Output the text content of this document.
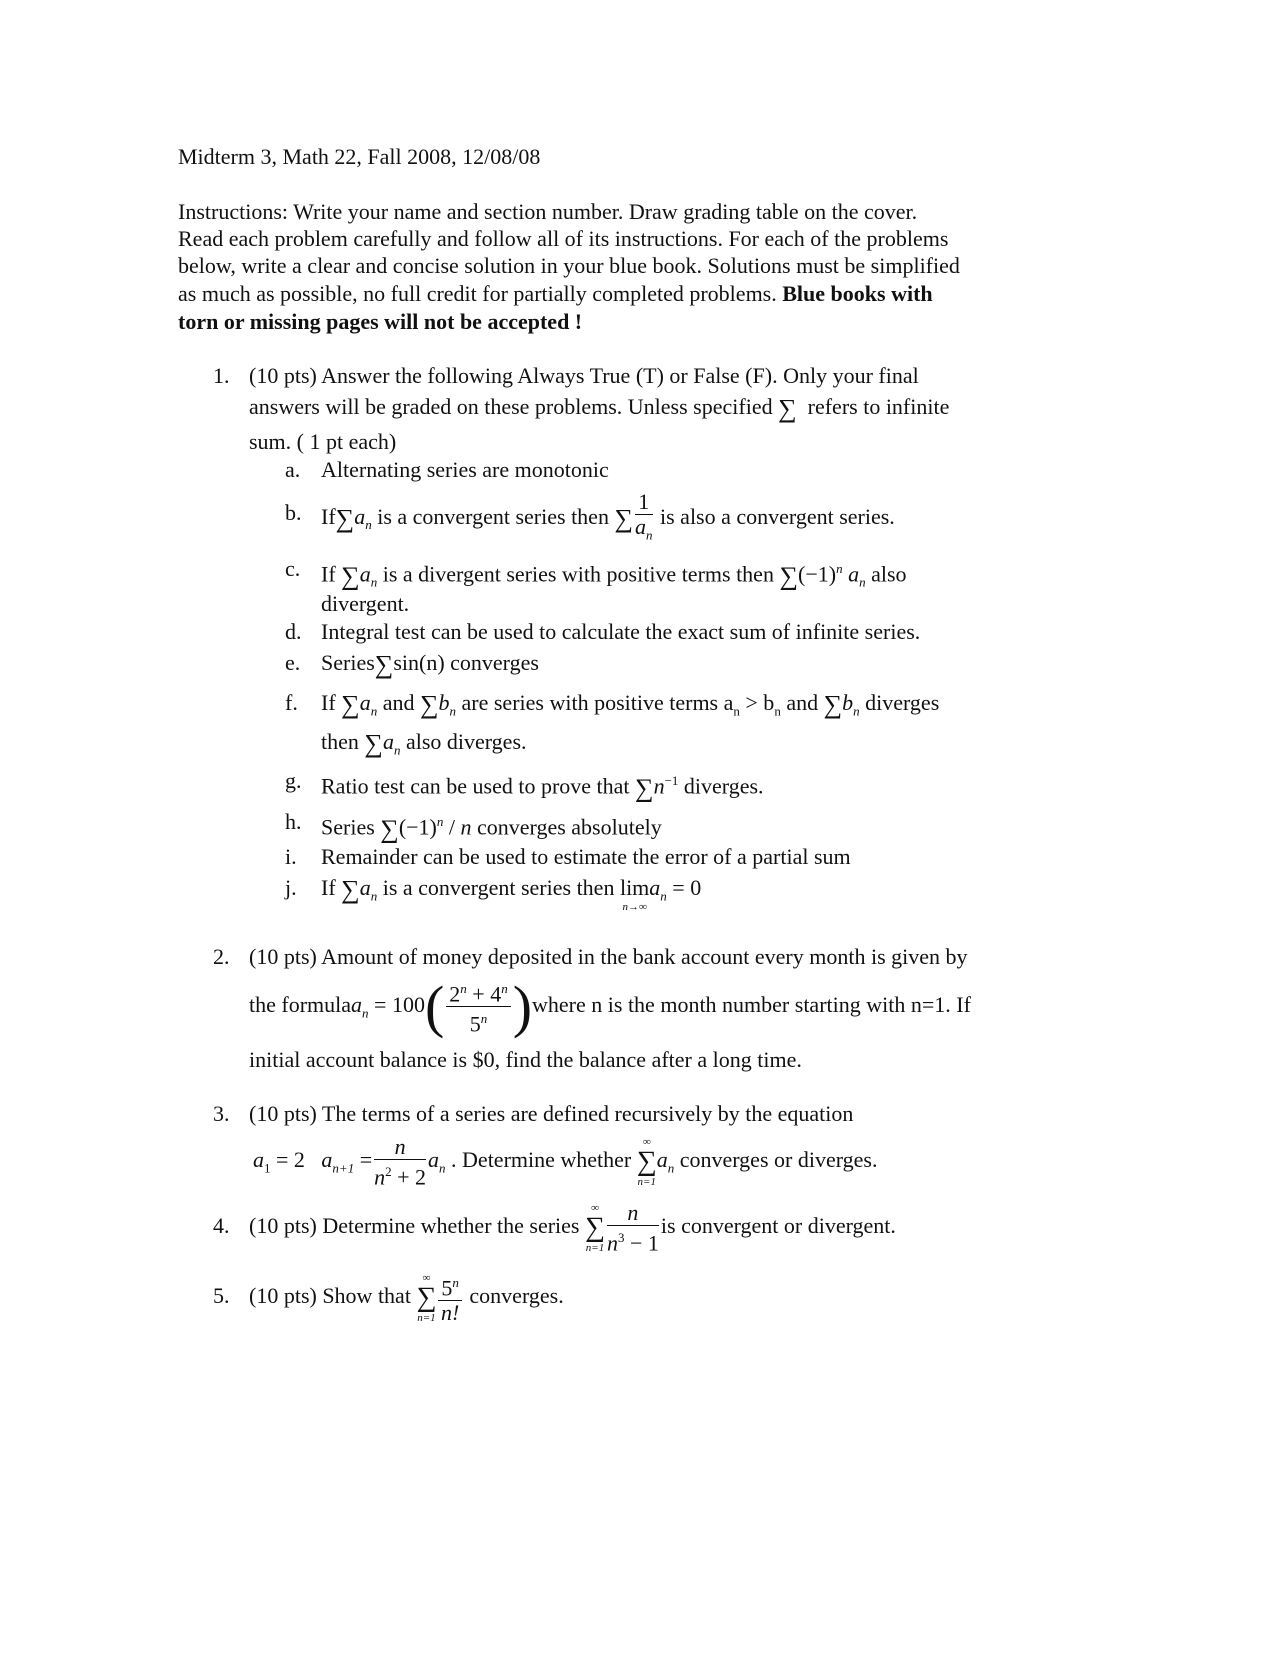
Midterm 3, Math 22, Fall 2008, 12/08/08
Instructions: Write your name and section number. Draw grading table on the cover.
Read each problem carefully and follow all of its instructions. For each of the problems
below, write a clear and concise solution in your blue book. Solutions must be simplified
as much as possible, no full credit for partially completed problems. Blue books with
torn or missing pages will not be accepted !
1. (10 pts) Answer the following Always True (T) or False (F). Only your final
answers will be graded on these problems. Unless specified ∑ refers to infinite
sum. ( 1 pt each)
a. Alternating series are monotonic
b. $If\sum a_n$ is a convergent series then ∑ $\frac{1}{a_n}$ is also a convergent series.
c. If $\sum a_n$ is a divergent series with positive terms then $\sum(-1)^n$ $a_n$ also
divergent.
d. Integral test can be used to calculate the exact sum of infinite series.
e. Series∑sin(n) converges
f. If $\sum a_n$ and $\sum b_n$ are series with positive terms $a_n > b_n$ and $\sum b_n$ diverges
then $\sum a_n$ also diverges.
g. Ratio test can be used to prove that $\sum n^{-1}$ diverges.
h. Series $\sum(-1)^n / n$ converges absolutely
i. Remainder can be used to estimate the error of a partial sum
j. If $\sum a_n$ is a convergent series then lim
n→∞
$a_n = 0$
2. (10 pts) Amount of money deposited in the bank account every month is given by
the formulaa$_n$ = $100( \frac{2^n + 4^n}{5^n}$ )where n is the month number starting with n=1. If
initial account balance is $0, find the balance after a long time.
3. (10 pts) The terms of a series are defined recursively by the equation
$a_1 = 2$ $a_{n+1} = \frac{n}{n^2 + 2} a_n$ . Determine whether
∞
∑
n=1
$a_n$ converges or diverges.
4. (10 pts) Determine whether the series
∞
∑
$n=1 \frac{n}{n^3 - 1}$ is convergent or divergent.
5. (10 pts) Show that
∞
∑
$n=1 \frac{5^n}{n!}$ converges.
